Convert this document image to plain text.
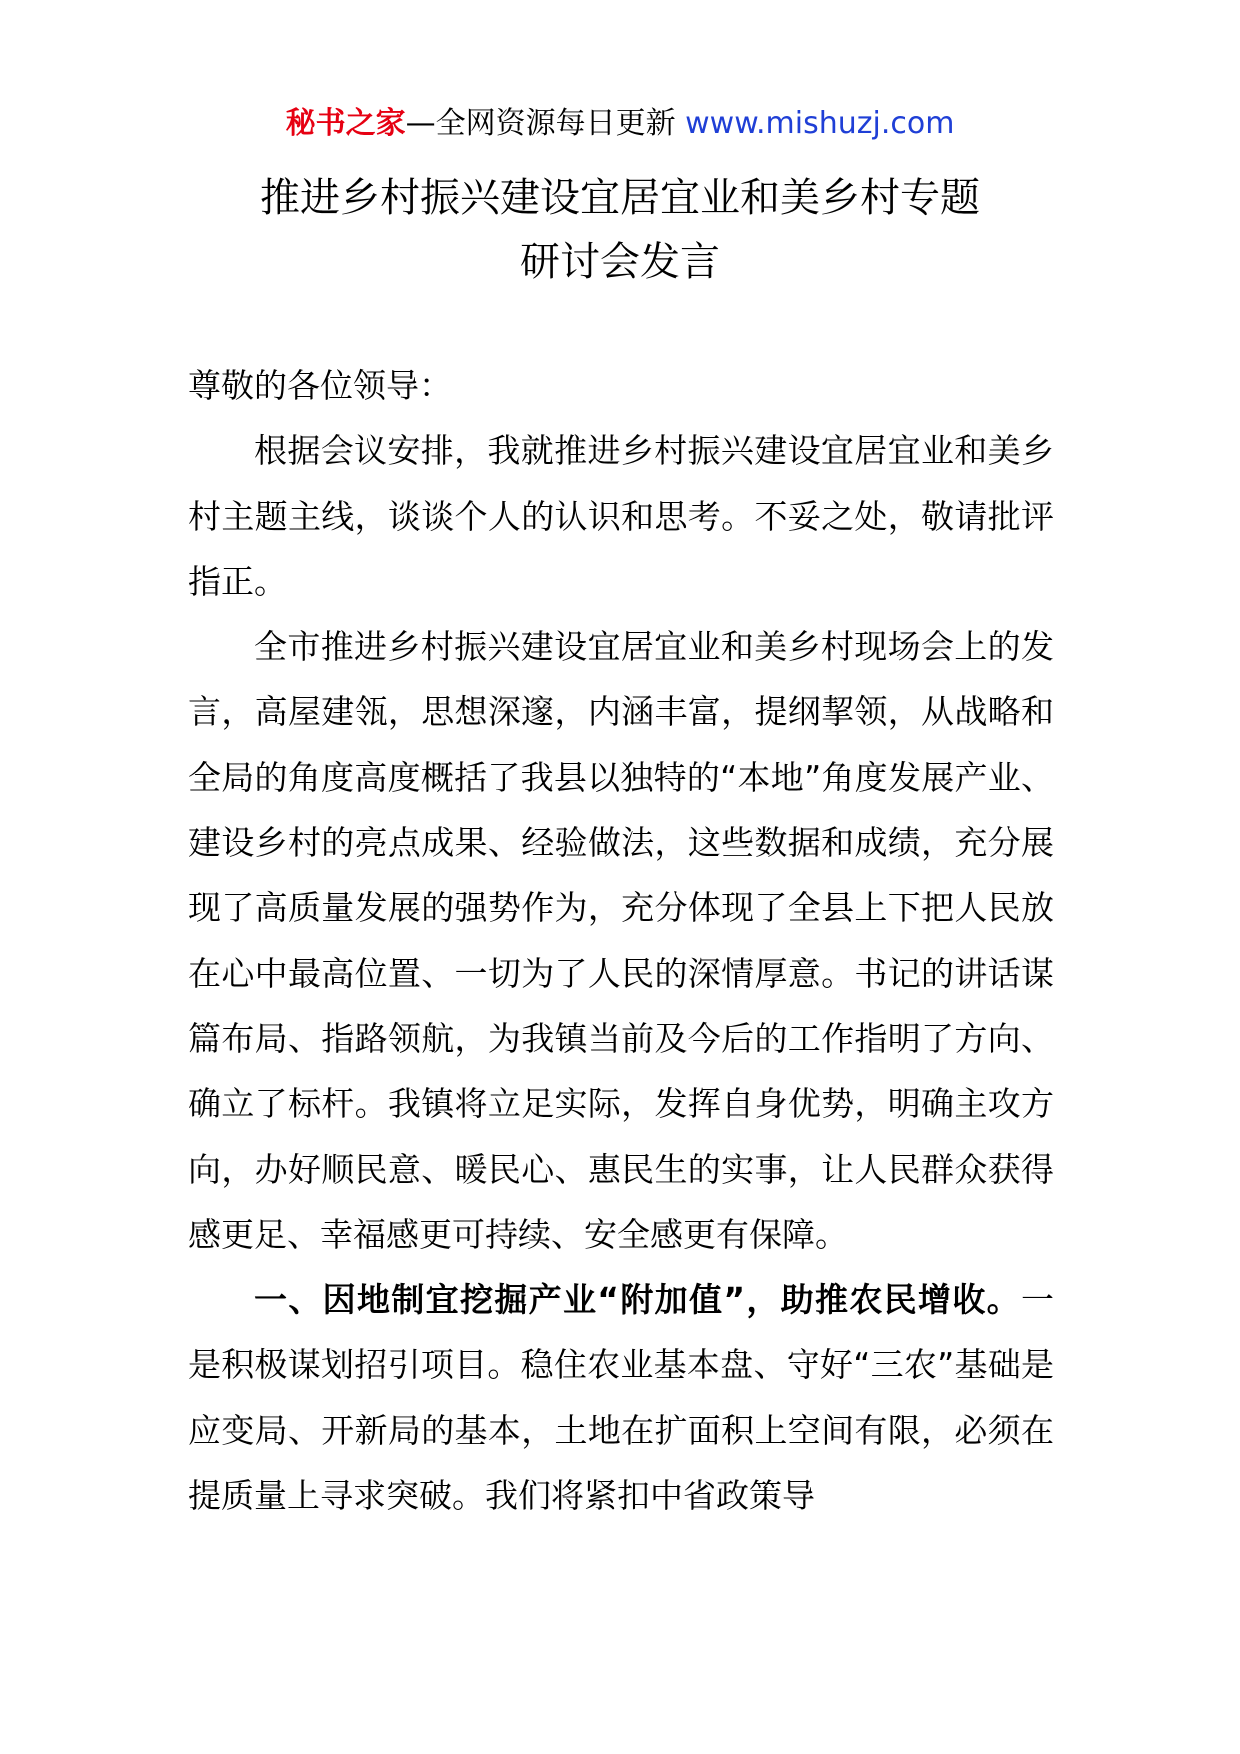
秘书之家—全网资源每日更新 www.mishuzj.com
推进乡村振兴建设宜居宜业和美乡村专题
研讨会发言

尊敬的各位领导：

根据会议安排，我就推进乡村振兴建设宜居宜业和美乡村主题主线，谈谈个人的认识和思考。不妥之处，敬请批评指正。

全市推进乡村振兴建设宜居宜业和美乡村现场会上的发言，高屋建瓴，思想深邃，内涵丰富，提纲挈领，从战略和全局的角度高度概括了我县以独特的“本地”角度发展产业、建设乡村的亮点成果、经验做法，这些数据和成绩，充分展现了高质量发展的强势作为，充分体现了全县上下把人民放在心中最高位置、一切为了人民的深情厚意。书记的讲话谋篇布局、指路领航，为我镇当前及今后的工作指明了方向、确立了标杆。我镇将立足实际，发挥自身优势，明确主攻方向，办好顺民意、暖民心、惠民生的实事，让人民群众获得感更足、幸福感更可持续、安全感更有保障。

一、因地制宜挖掘产业“附加值”，助推农民增收。一是积极谋划招引项目。稳住农业基本盘、守好“三农”基础是应变局、开新局的基本，土地在扩面积上空间有限，必须在提质量上寻求突破。我们将紧扣中省政策导
